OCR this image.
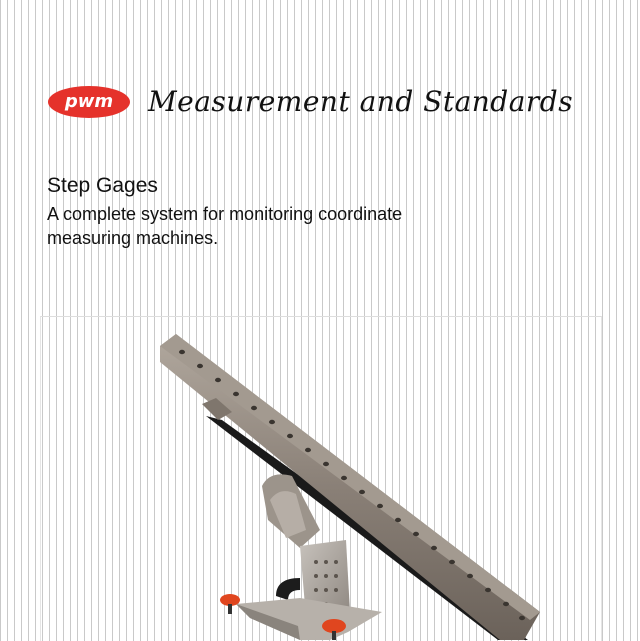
pwm Measurement and Standards
Step Gages

A complete system for monitoring coordinate
measuring machines.
